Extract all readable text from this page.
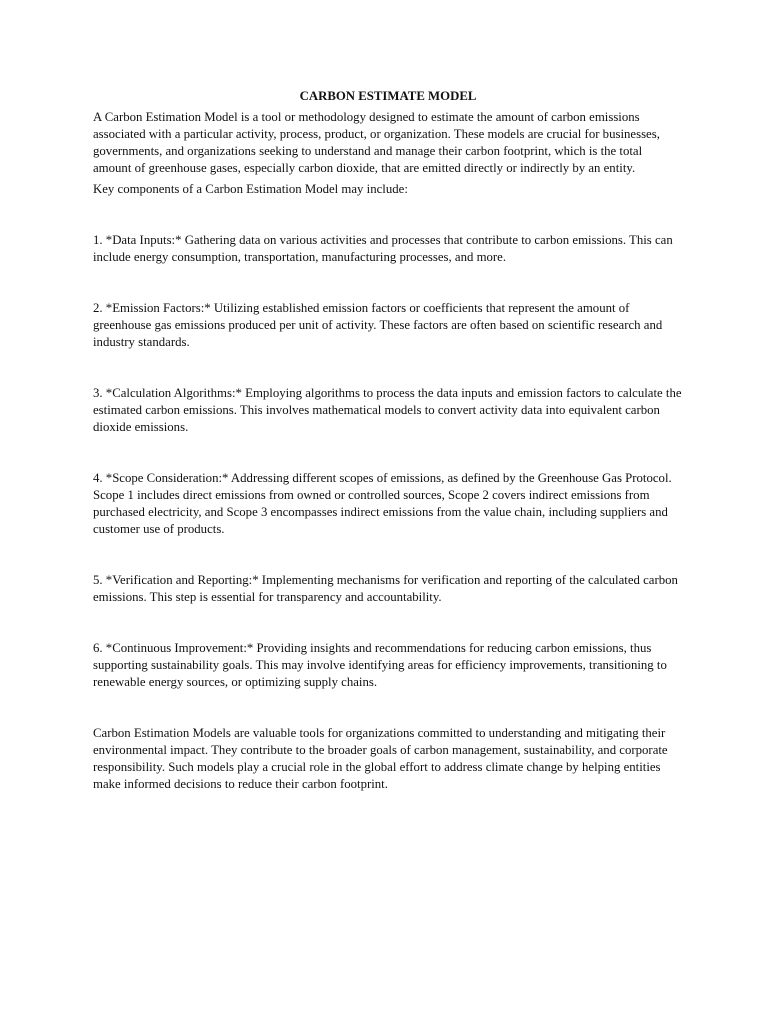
CARBON ESTIMATE MODEL

A Carbon Estimation Model is a tool or methodology designed to estimate the amount of carbon emissions associated with a particular activity, process, product, or organization. These models are crucial for businesses, governments, and organizations seeking to understand and manage their carbon footprint, which is the total amount of greenhouse gases, especially carbon dioxide, that are emitted directly or indirectly by an entity.

Key components of a Carbon Estimation Model may include:

1. *Data Inputs:* Gathering data on various activities and processes that contribute to carbon emissions. This can include energy consumption, transportation, manufacturing processes, and more.

2. *Emission Factors:* Utilizing established emission factors or coefficients that represent the amount of greenhouse gas emissions produced per unit of activity. These factors are often based on scientific research and industry standards.

3. *Calculation Algorithms:* Employing algorithms to process the data inputs and emission factors to calculate the estimated carbon emissions. This involves mathematical models to convert activity data into equivalent carbon dioxide emissions.

4. *Scope Consideration:* Addressing different scopes of emissions, as defined by the Greenhouse Gas Protocol. Scope 1 includes direct emissions from owned or controlled sources, Scope 2 covers indirect emissions from purchased electricity, and Scope 3 encompasses indirect emissions from the value chain, including suppliers and customer use of products.

5. *Verification and Reporting:* Implementing mechanisms for verification and reporting of the calculated carbon emissions. This step is essential for transparency and accountability.

6. *Continuous Improvement:* Providing insights and recommendations for reducing carbon emissions, thus supporting sustainability goals. This may involve identifying areas for efficiency improvements, transitioning to renewable energy sources, or optimizing supply chains.

Carbon Estimation Models are valuable tools for organizations committed to understanding and mitigating their environmental impact. They contribute to the broader goals of carbon management, sustainability, and corporate responsibility. Such models play a crucial role in the global effort to address climate change by helping entities make informed decisions to reduce their carbon footprint.
